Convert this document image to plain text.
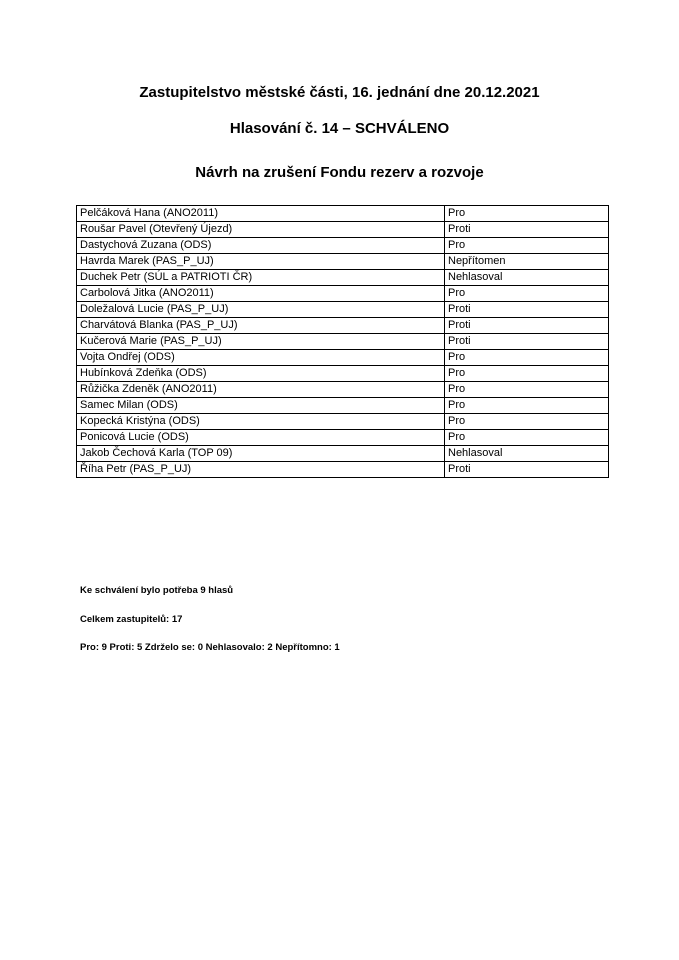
Zastupitelstvo městské části, 16. jednání dne 20.12.2021
Hlasování č. 14 – SCHVÁLENO
Návrh na zrušení Fondu rezerv a rozvoje
Pelčáková Hana (ANO2011)	Pro
Roušar Pavel (Otevřený Újezd)	Proti
Dastychová Zuzana (ODS)	Pro
Havrda Marek (PAS_P_UJ)	Nepřítomen
Duchek Petr (SÚL a PATRIOTI ČR)	Nehlasoval
Carbolová Jitka (ANO2011)	Pro
Doležalová Lucie (PAS_P_UJ)	Proti
Charvátová Blanka (PAS_P_UJ)	Proti
Kučerová Marie (PAS_P_UJ)	Proti
Vojta Ondřej (ODS)	Pro
Hubínková Zdeňka (ODS)	Pro
Růžička Zdeněk (ANO2011)	Pro
Samec Milan (ODS)	Pro
Kopecká Kristýna (ODS)	Pro
Ponicová Lucie (ODS)	Pro
Jakob Čechová Karla (TOP 09)	Nehlasoval
Říha Petr (PAS_P_UJ)	Proti

Ke schválení bylo potřeba 9 hlasů

Celkem zastupitelů: 17

Pro: 9 Proti: 5 Zdrželo se: 0 Nehlasovalo: 2 Nepřítomno: 1
